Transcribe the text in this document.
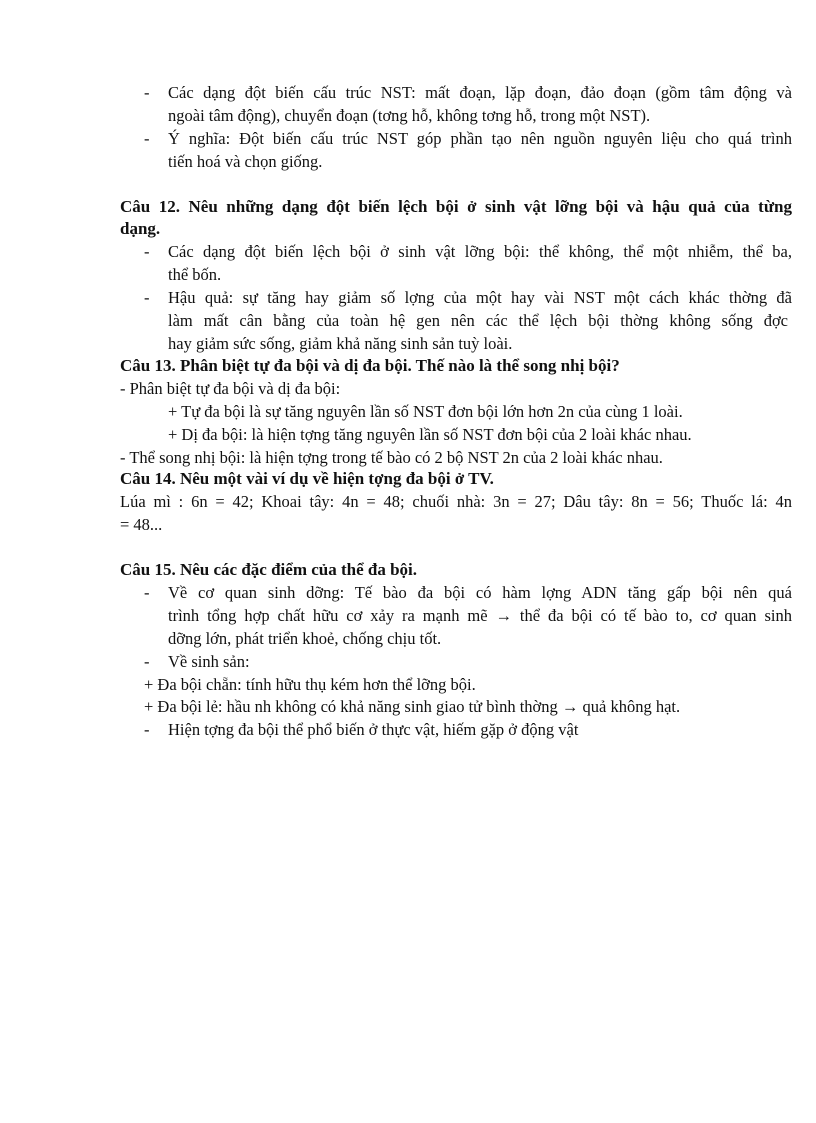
- Các dạng đột biến cấu trúc NST: mất đoạn, lặp đoạn, đảo đoạn (gồm tâm động và
ngoài tâm động), chuyển đoạn (tơng hỗ, không tơng hỗ, trong một NST).
- Ý nghĩa: Đột biến cấu trúc NST góp phần tạo nên nguồn nguyên liệu cho quá trình
tiến hoá và chọn giống.
Câu 12. Nêu những dạng đột biến lệch bội ở sinh vật lỡng bội và hậu quả của từng
dạng.
- Các dạng đột biến lệch bội ở sinh vật lỡng bội: thể không, thể một nhiễm, thể ba,
thể bốn.
- Hậu quả: sự tăng hay giảm số lợng của một hay vài NST một cách khác thờng đã
làm mất cân bằng của toàn hệ gen nên các thể lệch bội thờng không sống đợc
hay giảm sức sống, giảm khả năng sinh sản tuỳ loài.
Câu 13. Phân biệt tự đa bội và dị đa bội. Thế nào là thể song nhị bội?
- Phân biệt tự đa bội và dị đa bội:
+ Tự đa bội là sự tăng nguyên lần số NST đơn bội lớn hơn 2n của cùng 1 loài.
+ Dị đa bội: là hiện tợng tăng nguyên lần số NST đơn bội của 2 loài khác nhau.
- Thể song nhị bội: là hiện tợng trong tế bào có 2 bộ NST 2n của 2 loài khác nhau.
Câu 14. Nêu một vài ví dụ về hiện tợng đa bội ở TV.
Lúa mì : 6n = 42; Khoai tây: 4n = 48; chuối nhà: 3n = 27; Dâu tây: 8n = 56; Thuốc lá: 4n
= 48...
Câu 15. Nêu các đặc điểm của thể đa bội.
- Về cơ quan sinh dỡng: Tế bào đa bội có hàm lợng ADN tăng gấp bội nên quá
trình tổng hợp chất hữu cơ xảy ra mạnh mẽ → thể đa bội có tế bào to, cơ quan sinh
dỡng lớn, phát triển khoẻ, chống chịu tốt.
- Về sinh sản:
+ Đa bội chẵn: tính hữu thụ kém hơn thể lỡng bội.
+ Đa bội lẻ: hầu nh không có khả năng sinh giao tử bình thờng → quả không hạt.
- Hiện tợng đa bội thể phổ biến ở thực vật, hiếm gặp ở động vật
